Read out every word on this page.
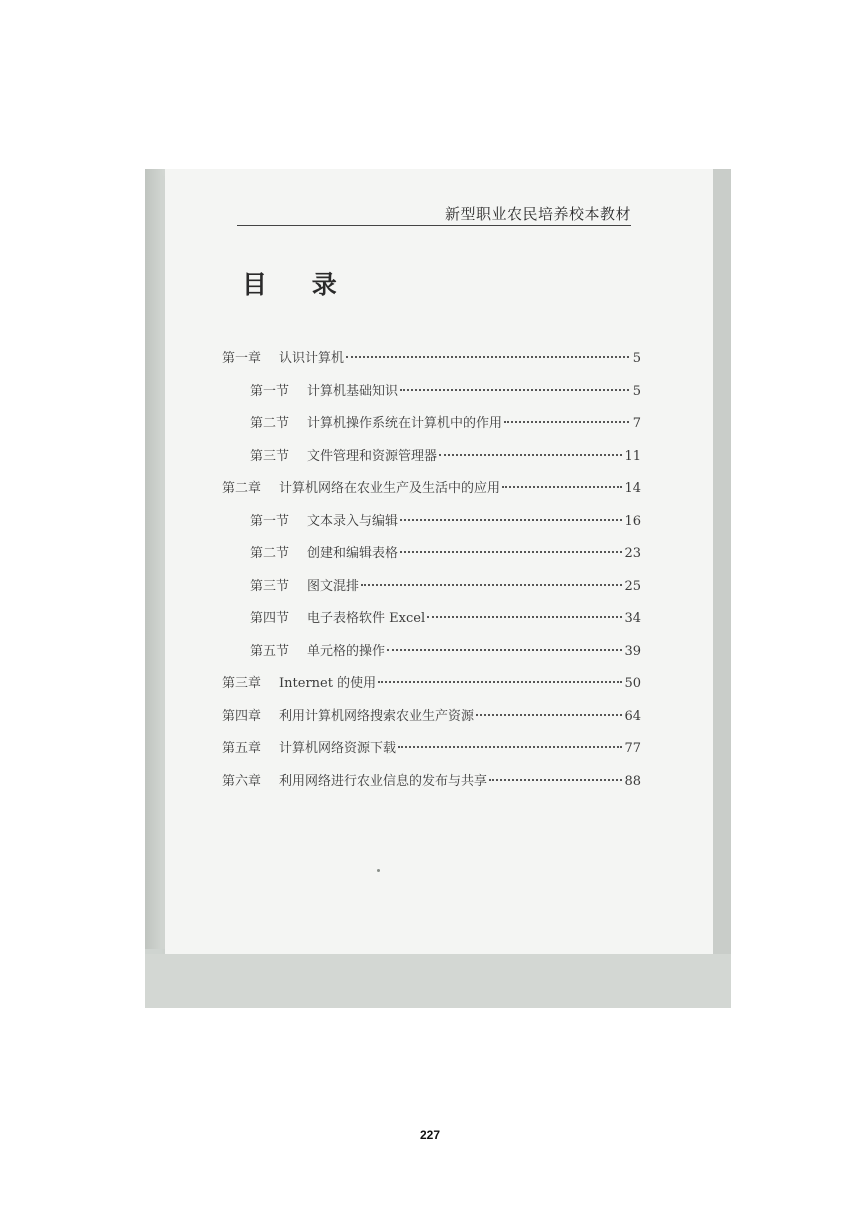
新型职业农民培养校本教材
目 录
第一章 认识计算机	5
第一节 计算机基础知识	5
第二节 计算机操作系统在计算机中的作用	7
第三节 文件管理和资源管理器	11
第二章 计算机网络在农业生产及生活中的应用	14
第一节 文本录入与编辑	16
第二节 创建和编辑表格	23
第三节 图文混排	25
第四节 电子表格软件 Excel	34
第五节 单元格的操作	39
第三章 Internet 的使用	50
第四章 利用计算机网络搜索农业生产资源	64
第五章 计算机网络资源下载	77
第六章 利用网络进行农业信息的发布与共享	88
227
